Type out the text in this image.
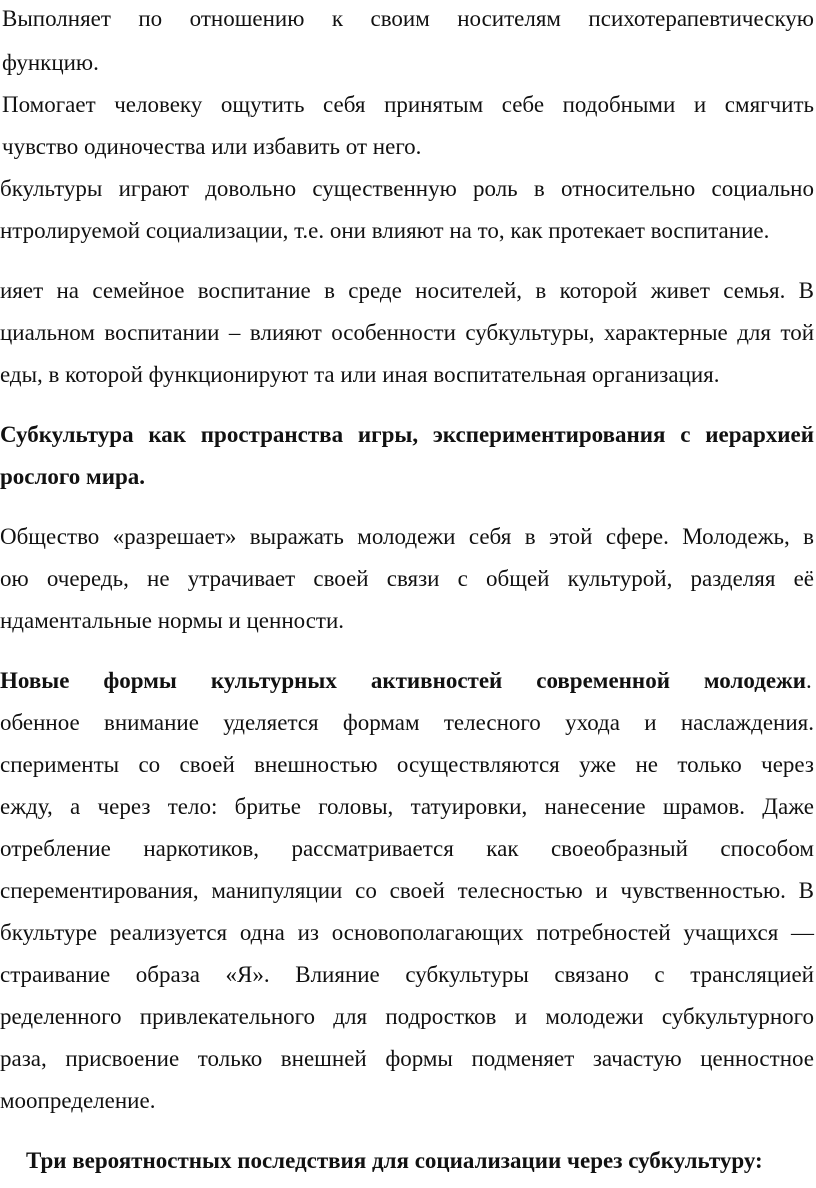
Выполняет по отношению к своим носителям психотерапевтическую
функцию.
Помогает человеку ощутить себя принятым себе подобными и смягчить
чувство одиночества или избавить от него.
бкультуры играют довольно существенную роль в относительно социально
нтролируемой социализации, т.е. они влияют на то, как протекает воспитание.
ияет на семейное воспитание в среде носителей, в которой живет семья. В
циальном воспитании – влияют особенности субкультуры, характерные для той
еды, в которой функционируют та или иная воспитательная организация.
Субкультура как пространства игры, экспериментирования с иерархией
рослого мира.
Общество «разрешает» выражать молодежи себя в этой сфере. Молодежь, в
ою очередь, не утрачивает своей связи с общей культурой, разделяя её
ндаментальные нормы и ценности.
Новые формы культурных активностей современной молодежи.
обенное внимание уделяется формам телесного ухода и наслаждения.
сперименты со своей внешностью осуществляются уже не только через
ежду, а через тело: бритье головы, татуировки, нанесение шрамов. Даже
отребление наркотиков, рассматривается как своеобразный способом
сперементирования, манипуляции со своей телесностью и чувственностью. В
бкультуре реализуется одна из основополагающих потребностей учащихся —
страивание образа «Я». Влияние субкультуры связано с трансляцией
ределенного привлекательного для подростков и молодежи субкультурного
раза, присвоение только внешней формы подменяет зачастую ценностное
моопределение.
Три вероятностных последствия для социализации через субкультуру:
